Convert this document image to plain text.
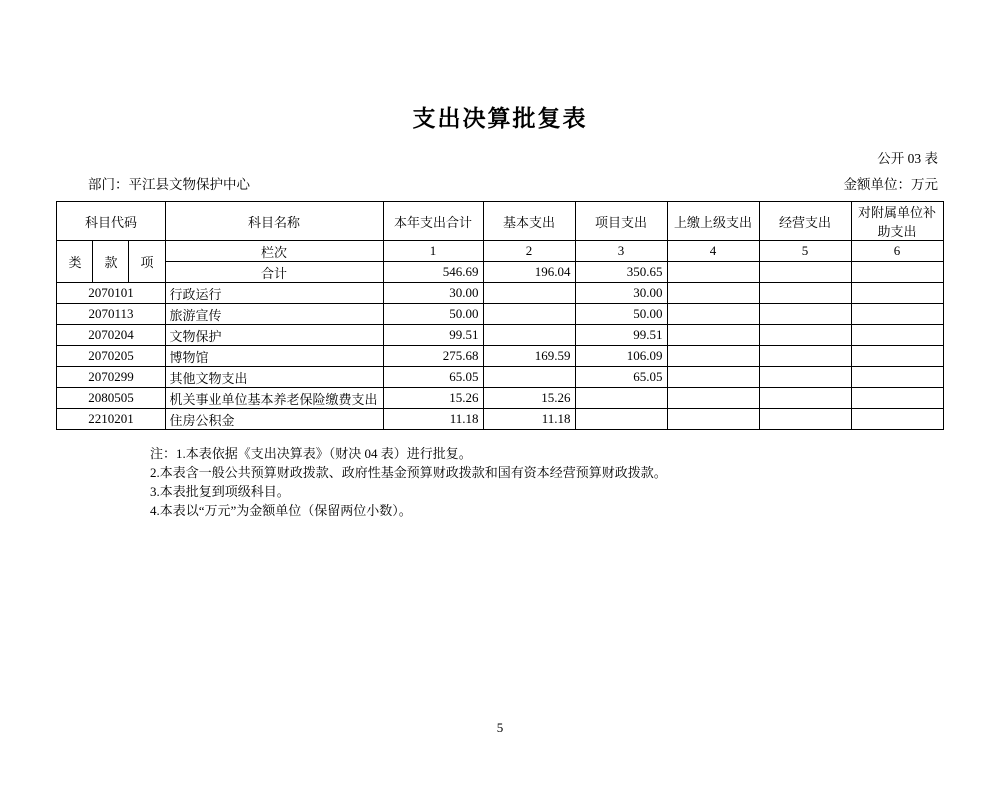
支出决算批复表
公开 03 表
部门：平江县文物保护中心	金额单位：万元
科目代码			科目名称	本年支出合计	基本支出	项目支出	上缴上级支出	经营支出	对附属单位补助支出
类	款	项	栏次	1	2	3	4	5	6
			合计	546.69	196.04	350.65			
2070101			行政运行	30.00		30.00			
2070113			旅游宣传	50.00		50.00			
2070204			文物保护	99.51		99.51			
2070205			博物馆	275.68	169.59	106.09			
2070299			其他文物支出	65.05		65.05			
2080505			机关事业单位基本养老保险缴费支出	15.26	15.26				
2210201			住房公积金	11.18	11.18				
注：1.本表依据《支出决算表》（财决 04 表）进行批复。
2.本表含一般公共预算财政拨款、政府性基金预算财政拨款和国有资本经营预算财政拨款。
3.本表批复到项级科目。
4.本表以“万元”为金额单位（保留两位小数）。
5
